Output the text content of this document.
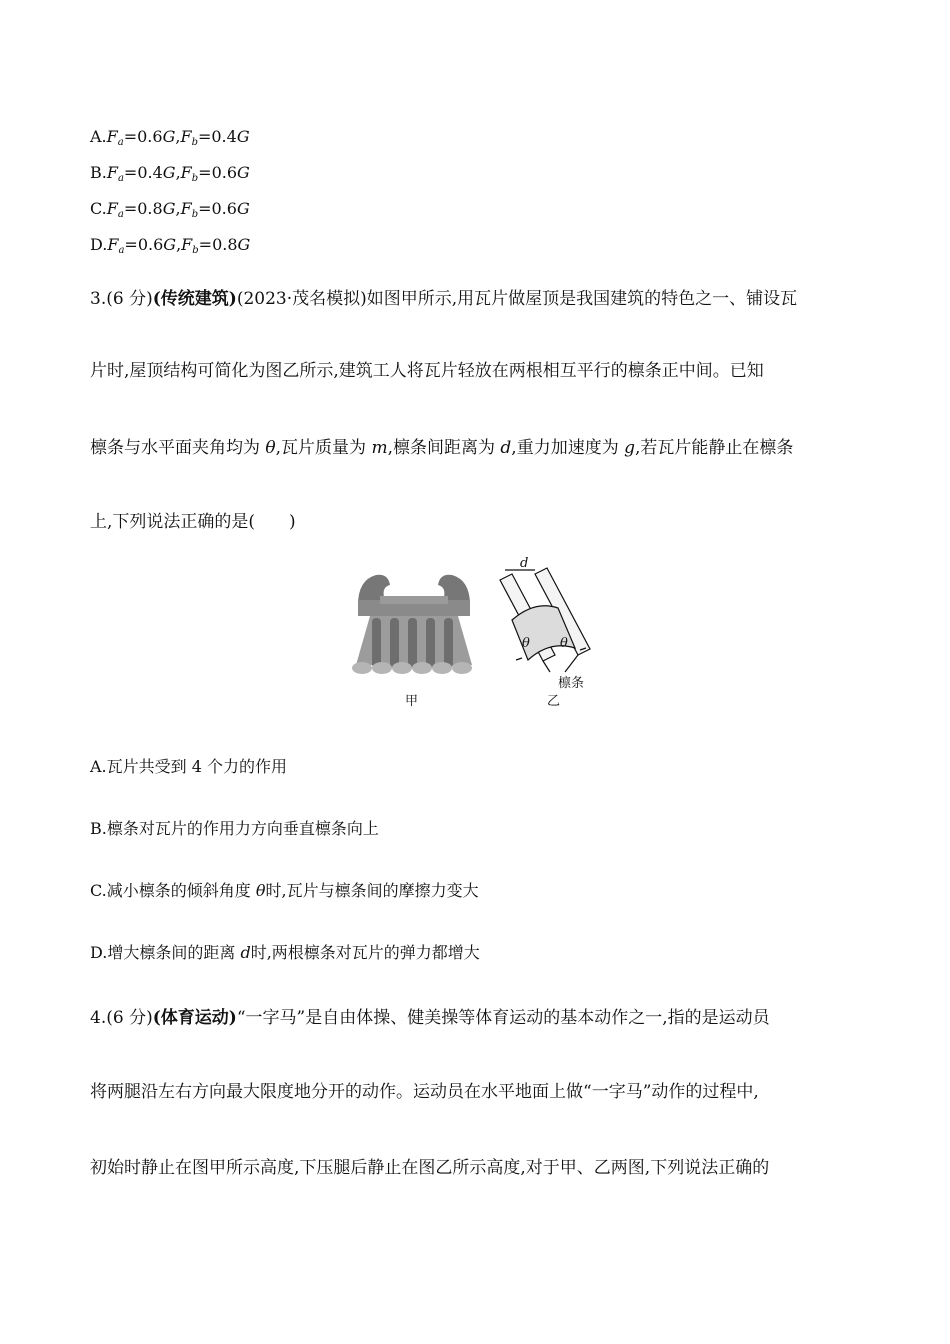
$A.F_a=0.6G,F_b=0.4G$
$B.F_a=0.4G,F_b=0.6G$
$C.F_a=0.8G,F_b=0.6G$
$D.F_a=0.6G,F_b=0.8G$
3.(6 分)(传统建筑)(2023·茂名模拟)如图甲所示,用瓦片做屋顶是我国建筑的特色之一、铺设瓦
片时,屋顶结构可简化为图乙所示,建筑工人将瓦片轻放在两根相互平行的檩条正中间。已知
檩条与水平面夹角均为 θ,瓦片质量为 m,檩条间距离为 d,重力加速度为 g,若瓦片能静止在檩条
上,下列说法正确的是(　　)
d
θ θ
檩条
甲	乙
A.瓦片共受到 4 个力的作用
B.檩条对瓦片的作用力方向垂直檩条向上
C.减小檩条的倾斜角度 θ时,瓦片与檩条间的摩擦力变大
D.增大檩条间的距离 d时,两根檩条对瓦片的弹力都增大
4.(6 分)(体育运动)“一字马”是自由体操、健美操等体育运动的基本动作之一,指的是运动员
将两腿沿左右方向最大限度地分开的动作。运动员在水平地面上做“一字马”动作的过程中,
初始时静止在图甲所示高度,下压腿后静止在图乙所示高度,对于甲、乙两图,下列说法正确的
